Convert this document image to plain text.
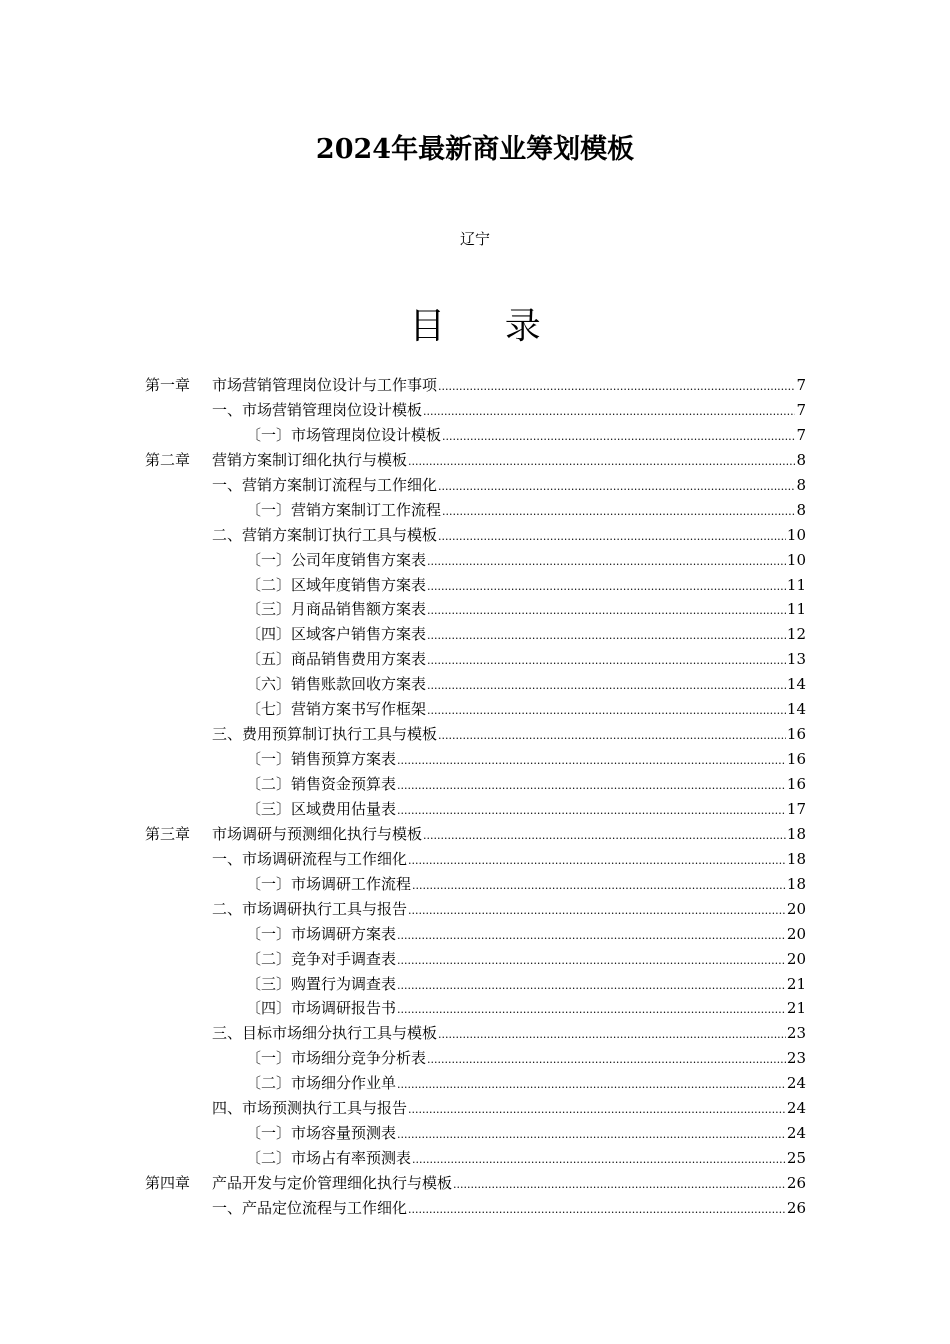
2024年最新商业筹划模板
辽宁
目 录
第一章 市场营销管理岗位设计与工作事项 .....	7
一、市场营销管理岗位设计模板 .....	7
〔一〕市场管理岗位设计模板 .....	7
第二章 营销方案制订细化执行与模板 .....	8
一、营销方案制订流程与工作细化 .....	8
〔一〕营销方案制订工作流程 .....	8
二、营销方案制订执行工具与模板 .....	10
〔一〕公司年度销售方案表 .....	10
〔二〕区域年度销售方案表 .....	11
〔三〕月商品销售额方案表 .....	11
〔四〕区域客户销售方案表 .....	12
〔五〕商品销售费用方案表 .....	13
〔六〕销售账款回收方案表 .....	14
〔七〕营销方案书写作框架 .....	14
三、费用预算制订执行工具与模板 .....	16
〔一〕销售预算方案表 .....	16
〔二〕销售资金预算表 .....	16
〔三〕区域费用估量表 .....	17
第三章 市场调研与预测细化执行与模板 .....	18
一、市场调研流程与工作细化 .....	18
〔一〕市场调研工作流程 .....	18
二、市场调研执行工具与报告 .....	20
〔一〕市场调研方案表 .....	20
〔二〕竞争对手调查表 .....	20
〔三〕购置行为调查表 .....	21
〔四〕市场调研报告书 .....	21
三、目标市场细分执行工具与模板 .....	23
〔一〕市场细分竞争分析表 .....	23
〔二〕市场细分作业单 .....	24
四、市场预测执行工具与报告 .....	24
〔一〕市场容量预测表 .....	24
〔二〕市场占有率预测表 .....	25
第四章 产品开发与定价管理细化执行与模板 .....	26
一、产品定位流程与工作细化 .....	26
